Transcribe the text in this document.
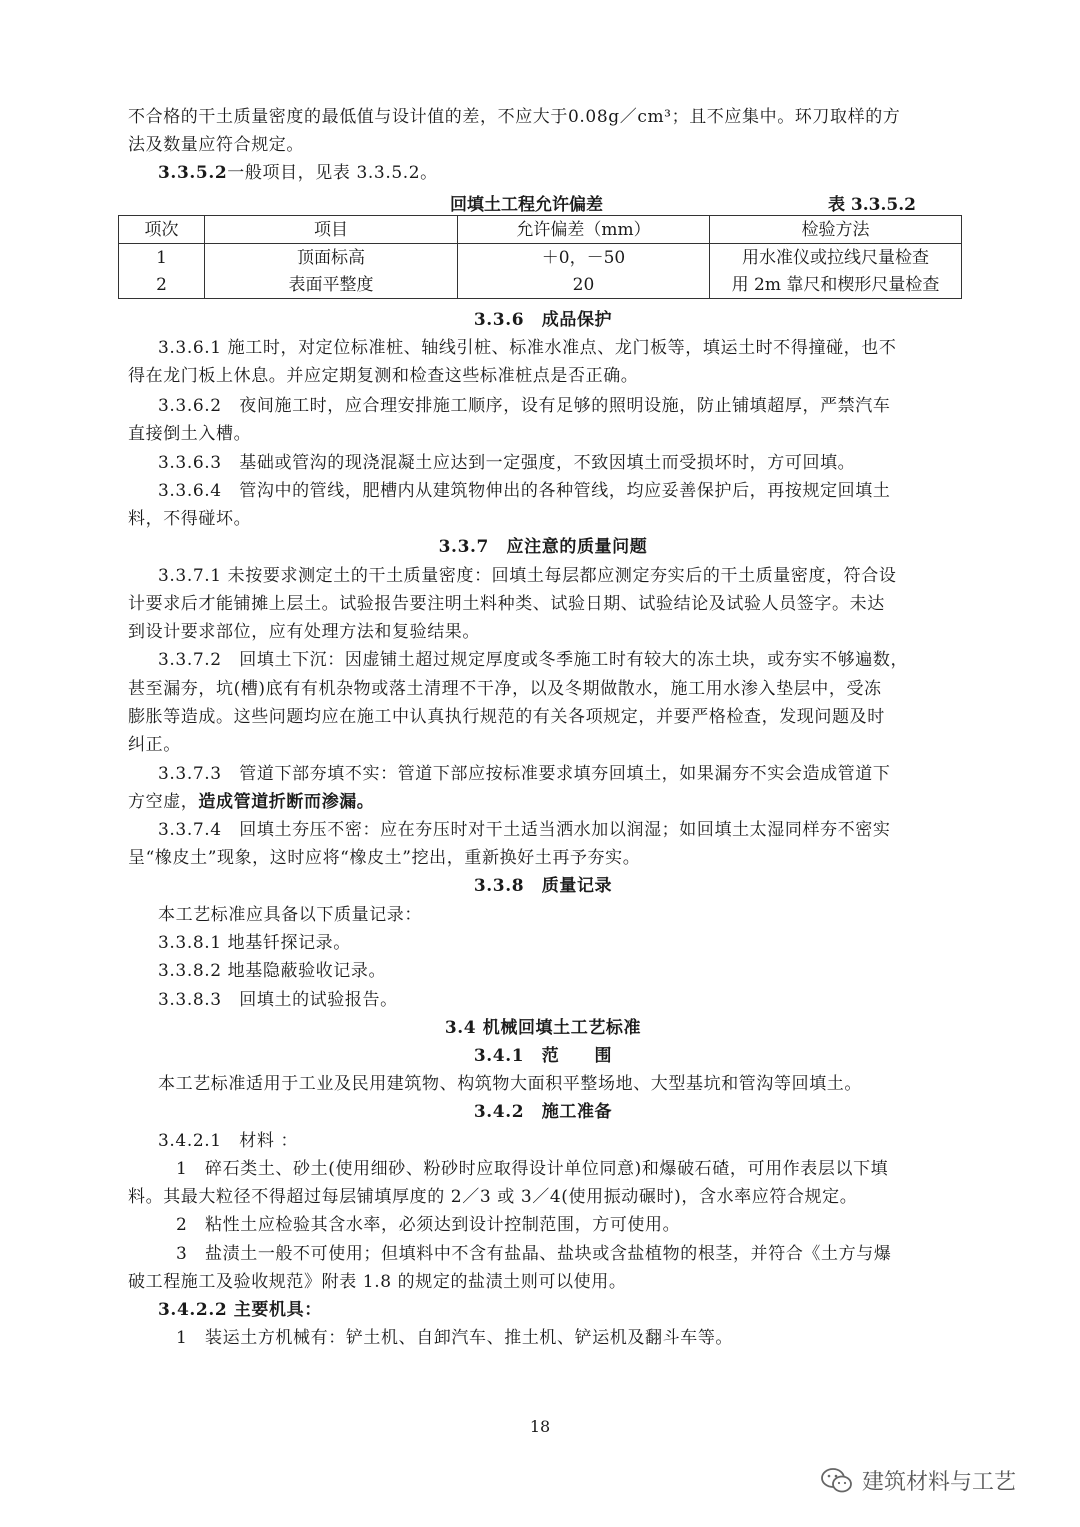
不合格的干土质量密度的最低值与设计值的差，不应大于0.08g／cm³；且不应集中。环刀取样的方
法及数量应符合规定。
3.3.5.2一般项目，见表 3.3.5.2。
回填土工程允许偏差	表 3.3.5.2
项次	项目	允许偏差（mm）	检验方法
1	顶面标高	＋0，－50	用水准仪或拉线尺量检查
2	表面平整度	20	用 2m 靠尺和楔形尺量检查
3.3.6　成品保护
3.3.6.1 施工时，对定位标准桩、轴线引桩、标准水准点、龙门板等，填运土时不得撞碰，也不
得在龙门板上休息。并应定期复测和检查这些标准桩点是否正确。
3.3.6.2　夜间施工时，应合理安排施工顺序，设有足够的照明设施，防止铺填超厚，严禁汽车
直接倒土入槽。
3.3.6.3　基础或管沟的现浇混凝土应达到一定强度，不致因填土而受损坏时，方可回填。
3.3.6.4　管沟中的管线，肥槽内从建筑物伸出的各种管线，均应妥善保护后，再按规定回填土
料，不得碰坏。
3.3.7　应注意的质量问题
3.3.7.1 未按要求测定土的干土质量密度：回填土每层都应测定夯实后的干土质量密度，符合设
计要求后才能铺摊上层土。试验报告要注明土料种类、试验日期、试验结论及试验人员签字。未达
到设计要求部位，应有处理方法和复验结果。
3.3.7.2　回填土下沉：因虚铺土超过规定厚度或冬季施工时有较大的冻土块，或夯实不够遍数，
甚至漏夯，坑(槽)底有有机杂物或落土清理不干净，以及冬期做散水，施工用水渗入垫层中，受冻
膨胀等造成。这些问题均应在施工中认真执行规范的有关各项规定，并要严格检查，发现问题及时
纠正。
3.3.7.3　管道下部夯填不实：管道下部应按标准要求填夯回填土，如果漏夯不实会造成管道下
方空虚，造成管道折断而渗漏。
3.3.7.4　回填土夯压不密：应在夯压时对干土适当洒水加以润湿；如回填土太湿同样夯不密实
呈“橡皮土”现象，这时应将“橡皮土”挖出，重新换好土再予夯实。
3.3.8　质量记录
本工艺标准应具备以下质量记录：
3.3.8.1 地基钎探记录。
3.3.8.2 地基隐蔽验收记录。
3.3.8.3　回填土的试验报告。
3.4 机械回填土工艺标准
3.4.1　范　　围
本工艺标准适用于工业及民用建筑物、构筑物大面积平整场地、大型基坑和管沟等回填土。
3.4.2　施工准备
3.4.2.1　材料 ：
1　碎石类土、砂土(使用细砂、粉砂时应取得设计单位同意)和爆破石碴，可用作表层以下填
料。其最大粒径不得超过每层铺填厚度的 2／3 或 3／4(使用振动碾时)，含水率应符合规定。
2　粘性土应检验其含水率，必须达到设计控制范围，方可使用。
3　盐渍土一般不可使用；但填料中不含有盐晶、盐块或含盐植物的根茎，并符合《土方与爆
破工程施工及验收规范》附表 1.8 的规定的盐渍土则可以使用。
3.4.2.2 主要机具：
1　装运土方机械有：铲土机、自卸汽车、推土机、铲运机及翻斗车等。
18
建筑材料与工艺
